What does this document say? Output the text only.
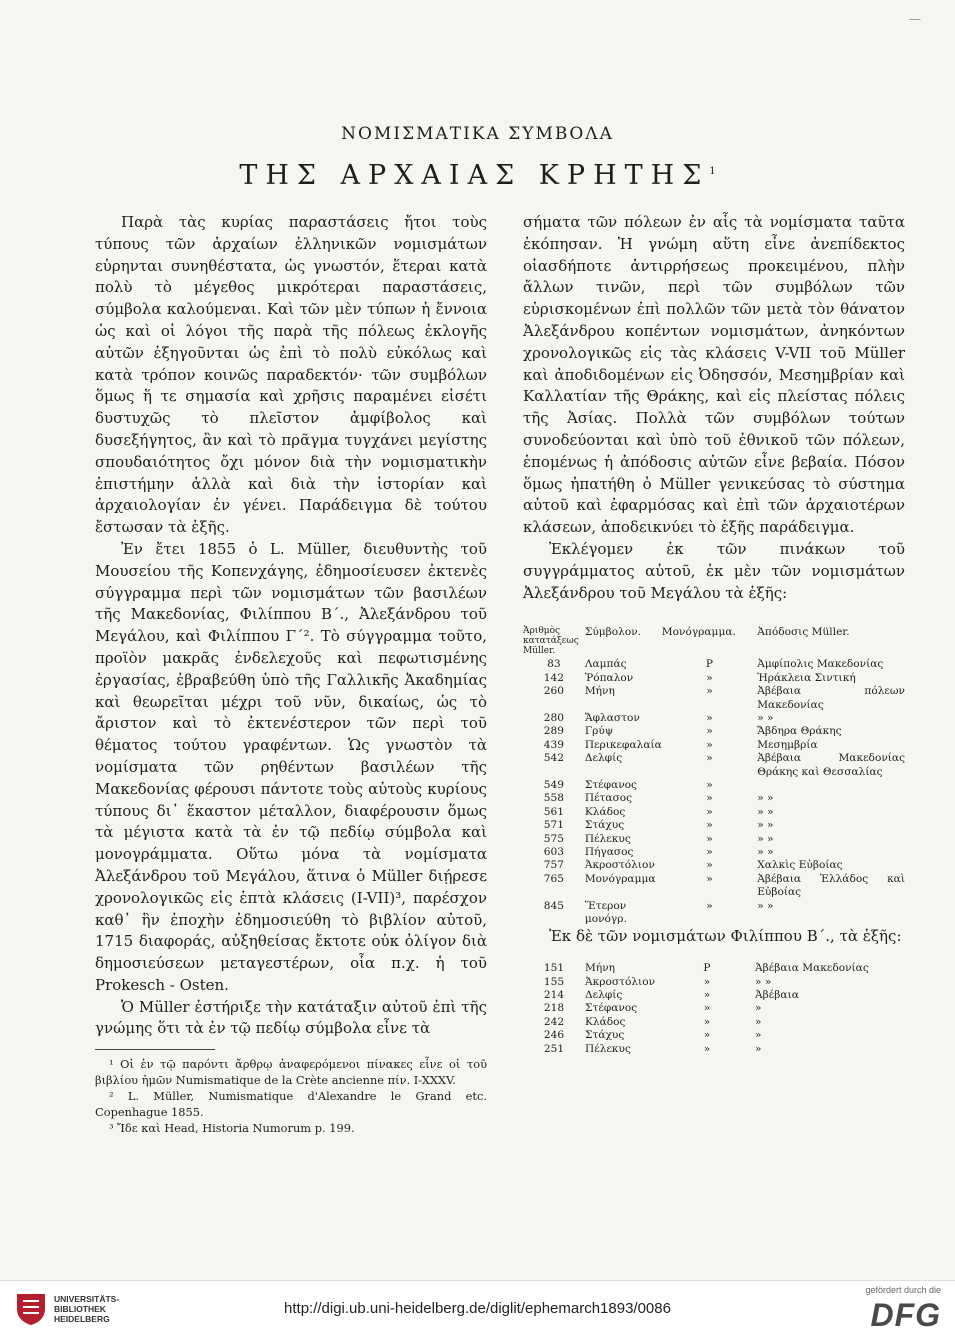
—
ΝΟΜΙΣΜΑΤΙΚΑ ΣΥΜΒΟΛΑ
ΤΗΣ ΑΡΧΑΙΑΣ ΚΡΗΤΗΣ$^1$

Παρὰ τὰς κυρίας παραστάσεις ἤτοι τοὺς τύπους τῶν ἀρχαίων ἑλληνικῶν νομισμάτων εὑρηνται συνηθέστατα, ὡς γνωστόν, ἕτεραι κατὰ πολὺ τὸ μέγεθος μικρότεραι παραστάσεις, σύμβολα καλούμεναι. Καὶ τῶν μὲν τύπων ἡ ἔννοια ὡς καὶ οἱ λόγοι τῆς παρὰ τῆς πόλεως ἐκλογῆς αὐτῶν ἐξηγοῦνται ὡς ἐπὶ τὸ πολὺ εὐκόλως καὶ κατὰ τρόπον κοινῶς παραδεκτόν· τῶν συμβόλων ὅμως ἥ τε σημασία καὶ χρῆσις παραμένει εἰσέτι δυστυχῶς τὸ πλεῖστον ἀμφίβολος καὶ δυσεξήγητος, ἂν καὶ τὸ πρᾶγμα τυγχάνει μεγίστης σπουδαιότητος ὄχι μόνον διὰ τὴν νομισματικὴν ἐπιστήμην ἀλλὰ καὶ διὰ τὴν ἱστορίαν καὶ ἀρχαιολογίαν ἐν γένει. Παράδειγμα δὲ τούτου ἔστωσαν τὰ ἑξῆς.

Ἐν ἔτει 1855 ὁ L. Müller, διευθυντὴς τοῦ Μουσείου τῆς Κοπενχάγης, ἐδημοσίευσεν ἐκτενὲς σύγγραμμα περὶ τῶν νομισμάτων τῶν βασιλέων τῆς Μακεδονίας, Φιλίππου Β΄., Ἀλεξάνδρου τοῦ Μεγάλου, καὶ Φιλίππου Γ΄². Τὸ σύγγραμμα τοῦτο, προϊὸν μακρᾶς ἐνδελεχοῦς καὶ πεφωτισμένης ἐργασίας, ἐβραβεύθη ὑπὸ τῆς Γαλλικῆς Ἀκαδημίας καὶ θεωρεῖται μέχρι τοῦ νῦν, δικαίως, ὡς τὸ ἄριστον καὶ τὸ ἐκτενέστερον τῶν περὶ τοῦ θέματος τούτου γραφέντων. Ὡς γνωστὸν τὰ νομίσματα τῶν ρηθέντων βασιλέων τῆς Μακεδονίας φέρουσι πάντοτε τοὺς αὐτοὺς κυρίους τύπους δι᾽ ἕκαστον μέταλλον, διαφέρουσιν ὅμως τὰ μέγιστα κατὰ τὰ ἐν τῷ πεδίῳ σύμβολα καὶ μονογράμματα. Οὕτω μόνα τὰ νομίσματα Ἀλεξάνδρου τοῦ Μεγάλου, ἅτινα ὁ Müller διῄρεσε χρονολογικῶς εἰς ἑπτὰ κλάσεις (I-VII)³, παρέσχον καθ᾽ ἣν ἐποχὴν ἐδημοσιεύθη τὸ βιβλίον αὐτοῦ, 1715 διαφοράς, αὐξηθείσας ἔκτοτε οὐκ ὀλίγον διὰ δημοσιεύσεων μεταγεστέρων, οἷα π.χ. ἡ τοῦ Prokesch - Osten.

Ὁ Müller ἐστήριξε τὴν κατάταξιν αὐτοῦ ἐπὶ τῆς γνώμης ὅτι τὰ ἐν τῷ πεδίῳ σύμβολα εἶνε τὰ

¹ Οἱ ἐν τῷ παρόντι ἄρθρῳ ἀναφερόμενοι πίνακες εἶνε οἱ τοῦ βιβλίου ἡμῶν Numismatique de la Crète ancienne πίν. I-XXXV.

² L. Müller, Numismatique d'Alexandre le Grand etc. Copenhague 1855.

³ Ἴδε καὶ Head, Historia Numorum p. 199.

σήματα τῶν πόλεων ἐν αἷς τὰ νομίσματα ταῦτα ἐκόπησαν. Ἡ γνώμη αὕτη εἶνε ἀνεπίδεκτος οἱασδήποτε ἀντιρρήσεως προκειμένου, πλὴν ἄλλων τινῶν, περὶ τῶν συμβόλων τῶν εὑρισκομένων ἐπὶ πολλῶν τῶν μετὰ τὸν θάνατον Ἀλεξάνδρου κοπέντων νομισμάτων, ἀνηκόντων χρονολογικῶς εἰς τὰς κλάσεις V-VII τοῦ Müller καὶ ἀποδιδομένων εἰς Ὀδησσόν, Μεσημβρίαν καὶ Καλλατίαν τῆς Θράκης, καὶ εἰς πλείστας πόλεις τῆς Ἀσίας. Πολλὰ τῶν συμβόλων τούτων συνοδεύονται καὶ ὑπὸ τοῦ ἐθνικοῦ τῶν πόλεων, ἑπομένως ἡ ἀπόδοσις αὐτῶν εἶνε βεβαία. Πόσον ὅμως ἠπατήθη ὁ Müller γενικεύσας τὸ σύστημα αὐτοῦ καὶ ἐφαρμόσας καὶ ἐπὶ τῶν ἀρχαιοτέρων κλάσεων, ἀποδεικνύει τὸ ἑξῆς παράδειγμα.

Ἐκλέγομεν ἐκ τῶν πινάκων τοῦ συγγράμματος αὐτοῦ, ἐκ μὲν τῶν νομισμάτων Ἀλεξάνδρου τοῦ Μεγάλου τὰ ἑξῆς:

Ἀριθμὸς κατατάξεως Müller.	Σύμβολον.	Μονόγραμμα.	Ἀπόδοσις Müller.
83	Λαμπάς	Ρ	Ἀμφίπολις Μακεδονίας
142	Ῥόπαλον	»	Ἡράκλεια Σιντική
260	Μήνη	»	Ἀβέβαια πόλεων Μακεδονίας
280	Ἄφλαστον	»	» »
289	Γρύψ	»	Ἄβδηρα Θράκης
439	Περικεφαλαία	»	Μεσημβρία
542	Δελφίς	»	Ἀβέβαια Μακεδονίας Θράκης καὶ Θεσσαλίας
549	Στέφανος	»	
558	Πέτασος	»	» »
561	Κλάδος	»	» »
571	Στάχυς	»	» »
575	Πέλεκυς	»	» »
603	Πήγασος	»	» »
757	Ἀκροστόλιον	»	Χαλκὶς Εὐβοίας
765	Μονόγραμμα	»	Ἀβέβαια Ἑλλάδος καὶ Εὐβοίας
845	Ἕτερον μονόγρ.	»	» »

Ἐκ δὲ τῶν νομισμάτων Φιλίππου Β΄., τὰ ἑξῆς:

151	Μήνη	Ρ	Ἀβέβαια Μακεδονίας
155	Ἀκροστόλιον	»	» »
214	Δελφίς	»	Ἀβέβαια
218	Στέφανος	»	»
242	Κλάδος	»	»
246	Στάχυς	»	»
251	Πέλεκυς	»	»
UNIVERSITÄTS-BIBLIOTHEK HEIDELBERG
gefördert durch die
DFG
http://digi.ub.uni-heidelberg.de/diglit/ephemarch1893/0086
